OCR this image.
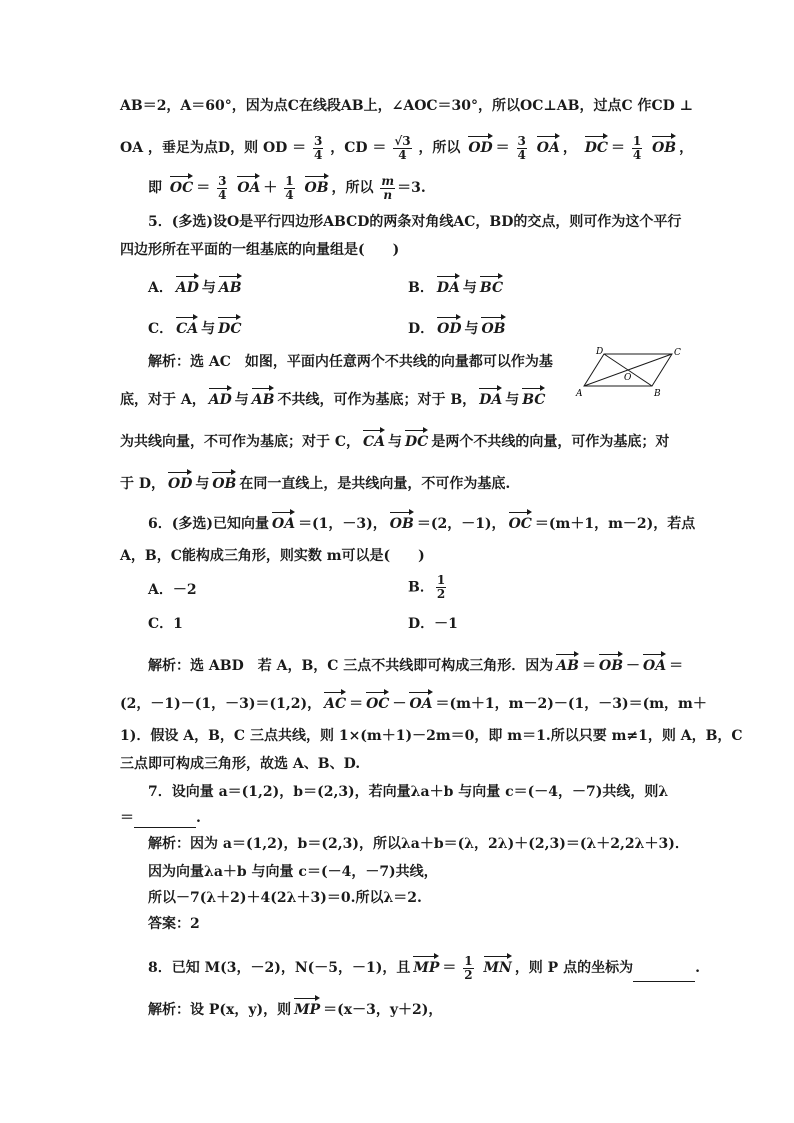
AB＝2，A＝60°，因为点C在线段AB上，∠AOC＝30°，所以OC⊥AB，过点C 作CD ⊥
OA ，垂足为点D，则 OD ＝ $\frac{3}{4}$ ，CD ＝ $\frac{√3}{4}$ ，所以 OD ＝ $\frac{3}{4}$ OA ， DC ＝ $\frac{1}{4}$ OB ，
即 OC ＝ $\frac{3}{4}$ OA ＋ $\frac{1}{4}$ OB ，所以 $\frac{m}{n} =3$.
5．(多选)设O是平行四边形ABCD的两条对角线AC，BD的交点，则可作为这个平行
四边形所在平面的一组基底的向量组是(　　)
A． AD 与 AB	B． DA 与 BC
C． CA 与 DC	D． OD 与 OB
解析：选 AC　如图，平面内任意两个不共线的向量都可以作为基
A	B
C
D
O
底，对于 A， AD 与 AB 不共线，可作为基底；对于 B， DA 与 BC
为共线向量，不可作为基底；对于 C， CA 与 DC 是两个不共线的向量，可作为基底；对
于 D， OD 与 OB 在同一直线上，是共线向量，不可作为基底.
6．(多选)已知向量 OA ＝(1，－3)， OB ＝(2，－1)， OC ＝(m＋1，m－2)，若点
A，B，C能构成三角形，则实数 m可以是(　　)
A．－2	B． $\frac{1}{2}$
C．1	D．－1
解析：选 ABD　若 A，B，C 三点不共线即可构成三角形．因为 AB ＝ OB － OA ＝
(2，－1)－(1，－3)＝(1,2)， AC ＝ OC － OA ＝(m＋1，m－2)－(1，－3)＝(m，m＋
1)．假设 A，B，C 三点共线，则 1×(m＋1)－2m＝0，即 m＝1.所以只要 m≠1，则 A，B，C
三点即可构成三角形，故选 A、B、D.
7．设向量 a＝(1,2)，b＝(2,3)，若向量λa＋b 与向量 c＝(－4，－7)共线，则λ
＝	.
解析：因为 a＝(1,2)，b＝(2,3)，所以λa＋b＝(λ，2λ)＋(2,3)＝(λ＋2,2λ＋3)．
因为向量λa＋b 与向量 c＝(－4，－7)共线，
所以－7(λ＋2)＋4(2λ＋3)＝0.所以λ＝2.
答案：2
8．已知 M(3，－2)，N(－5，－1)，且 MP ＝ $\frac{1}{2}$ MN ，则 P 点的坐标为	.
解析：设 P(x，y)，则 MP ＝(x－3，y＋2)，
